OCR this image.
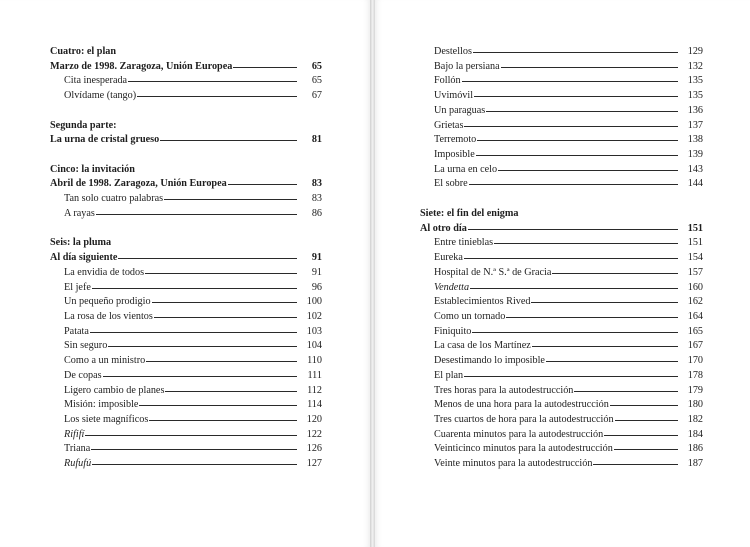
Cuatro: el plan
Marzo de 1998. Zaragoza, Unión Europea	65
Cita inesperada	65
Olvídame (tango)	67
Segunda parte:
La urna de cristal grueso	81
Cinco: la invitación
Abril de 1998. Zaragoza, Unión Europea	83
Tan solo cuatro palabras	83
A rayas	86
Seis: la pluma
Al día siguiente	91
La envidia de todos	91
El jefe	96
Un pequeño prodigio	100
La rosa de los vientos	102
Patata	103
Sin seguro	104
Como a un ministro	110
De copas	111
Ligero cambio de planes	112
Misión: imposible	114
Los siete magníficos	120
Rififí	122
Triana	126
Rufufú	127
Destellos	129
Bajo la persiana	132
Follón	135
Uvimóvil	135
Un paraguas	136
Grietas	137
Terremoto	138
Imposible	139
La urna en celo	143
El sobre	144
Siete: el fin del enigma
Al otro día	151
Entre tinieblas	151
Eureka	154
Hospital de N.ª S.ª de Gracia	157
Vendetta	160
Establecimientos Rived	162
Como un tornado	164
Finiquito	165
La casa de los Martínez	167
Desestimando lo imposible	170
El plan	178
Tres horas para la autodestrucción	179
Menos de una hora para la autodestrucción	180
Tres cuartos de hora para la autodestrucción	182
Cuarenta minutos para la autodestrucción	184
Veinticinco minutos para la autodestrucción	186
Veinte minutos para la autodestrucción	187
